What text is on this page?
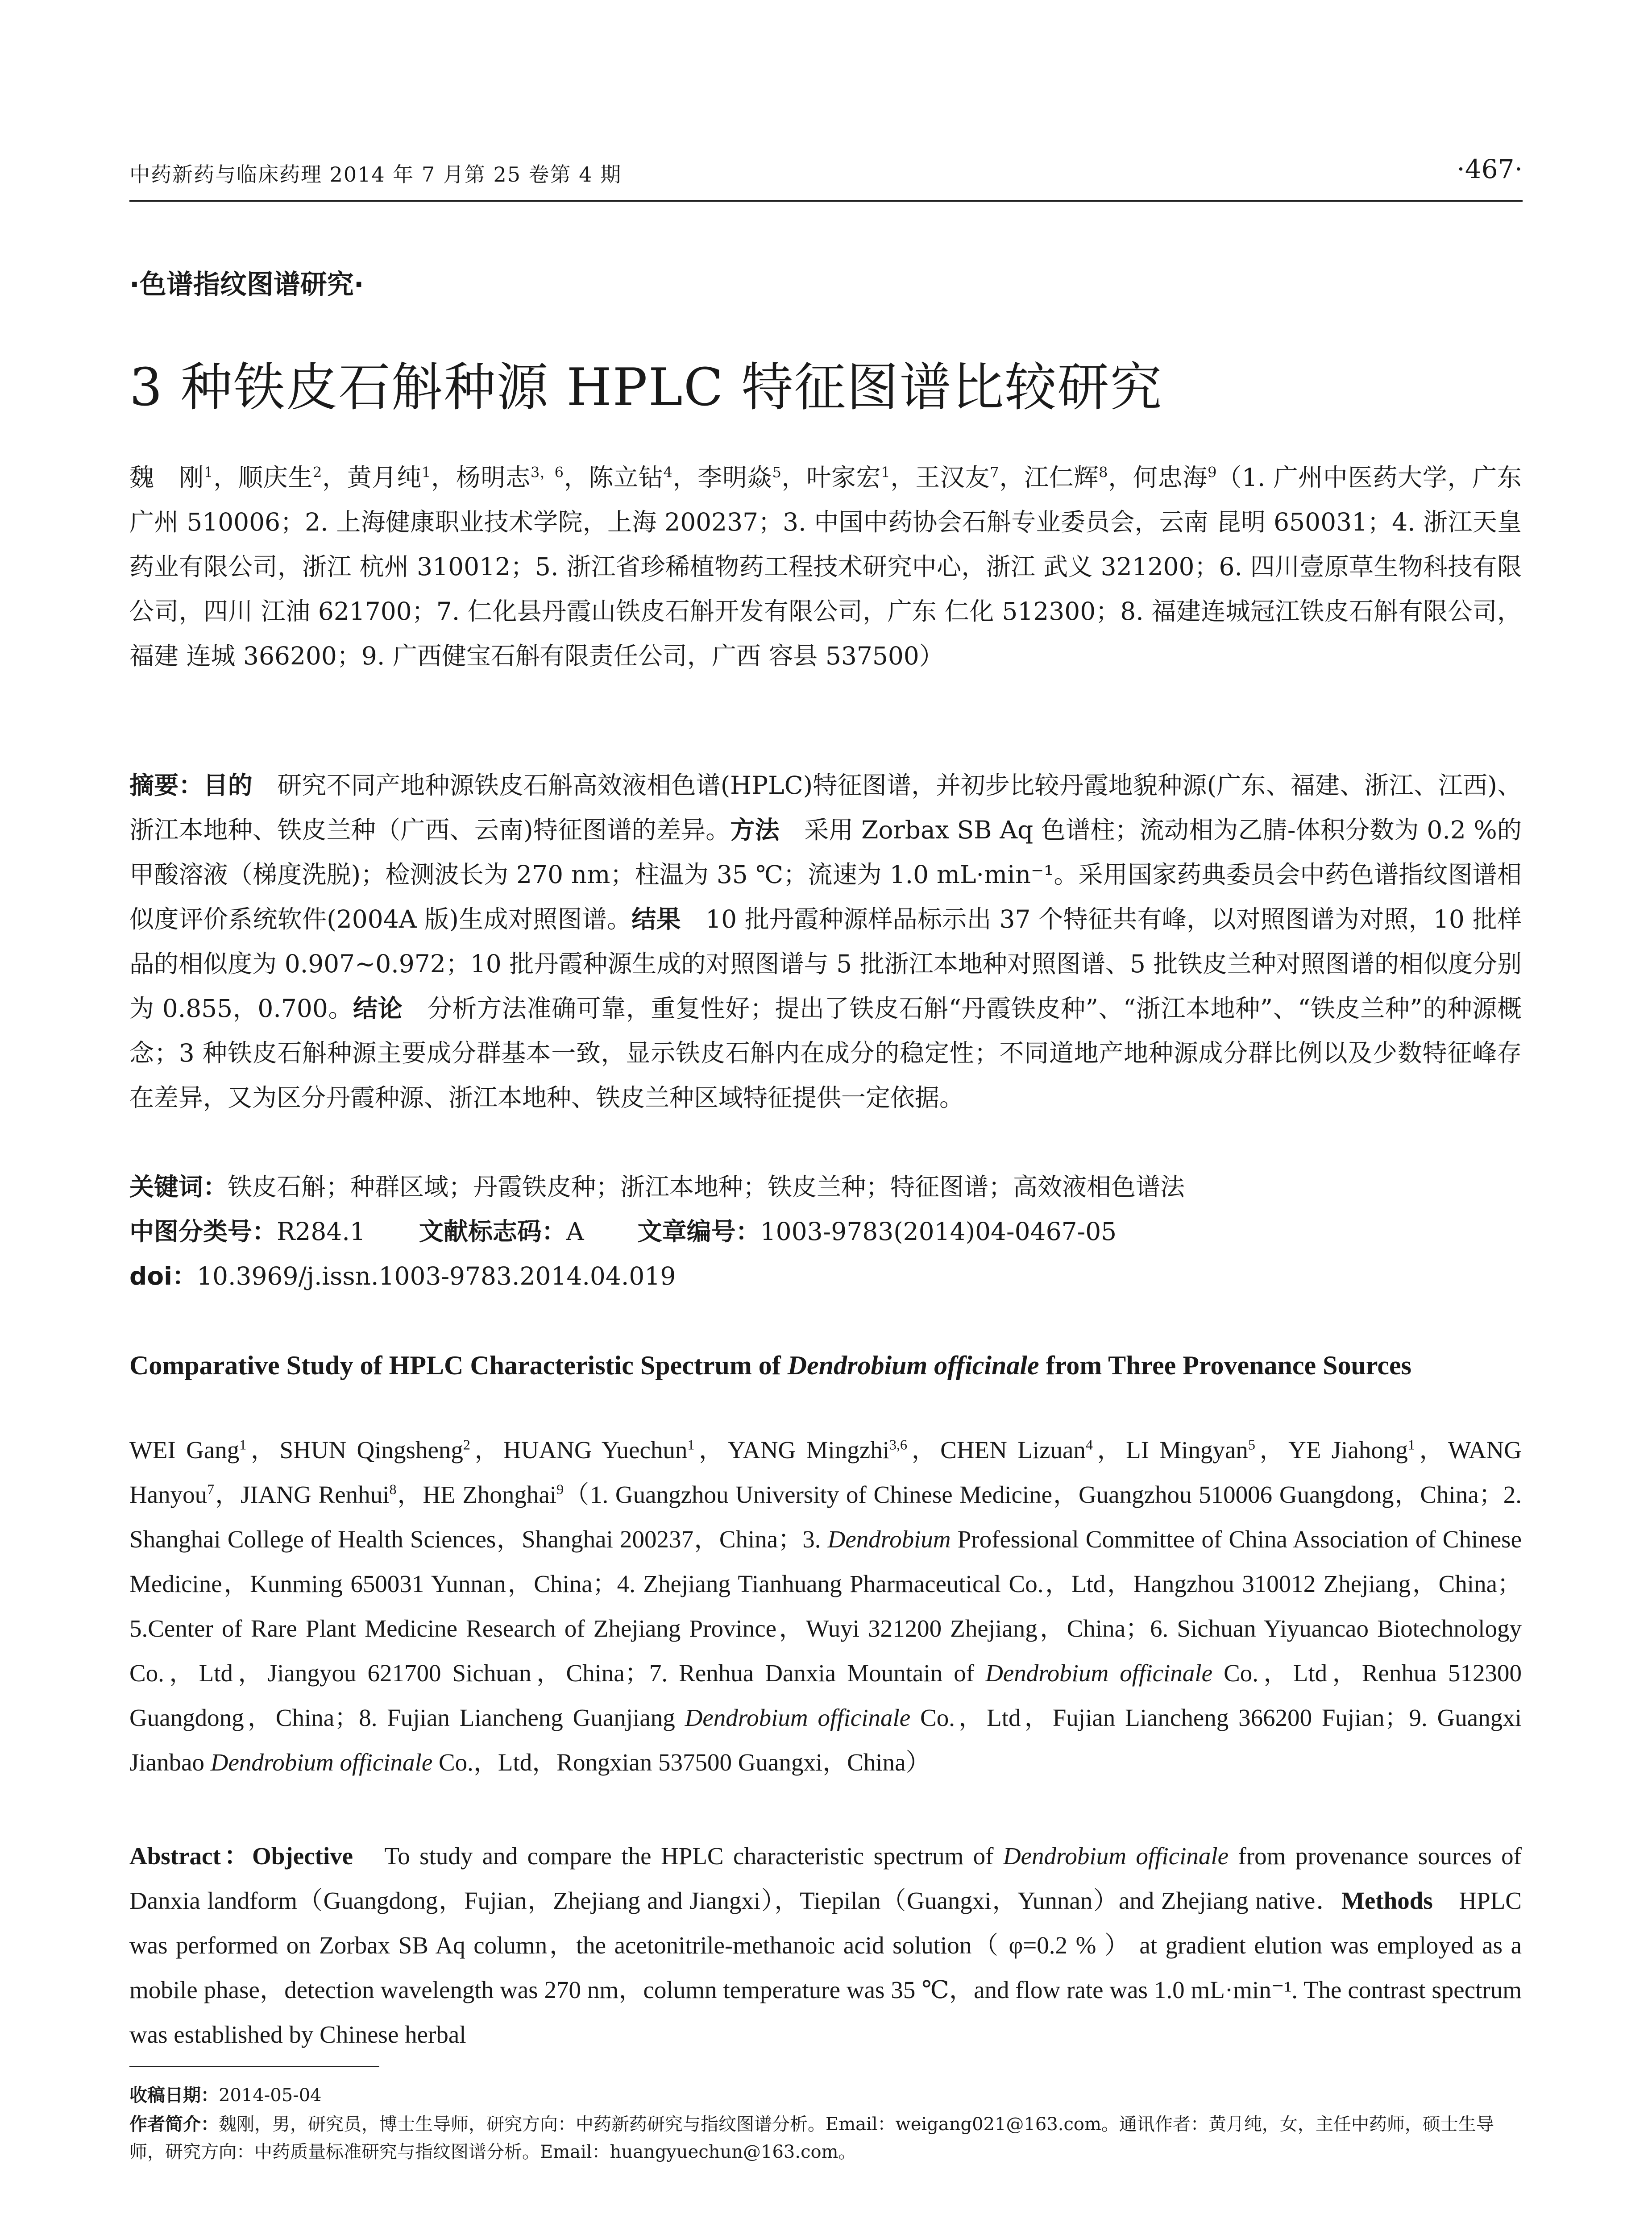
中药新药与临床药理 2014 年 7 月第 25 卷第 4 期	·467·
·色谱指纹图谱研究·
3 种铁皮石斛种源 HPLC 特征图谱比较研究
魏　刚$^1$，顺庆生$^2$，黄月纯$^1$，杨明志$^{3,6}$，陈立钻$^4$，李明焱$^5$，叶家宏$^1$，王汉友$^7$，江仁辉$^8$，何忠海$^9$（1. 广州中医药大学，广东 广州 510006；2. 上海健康职业技术学院，上海 200237；3. 中国中药协会石斛专业委员会，云南 昆明 650031；4. 浙江天皇药业有限公司，浙江 杭州 310012；5. 浙江省珍稀植物药工程技术研究中心，浙江 武义 321200；6. 四川壹原草生物科技有限公司，四川 江油 621700；7. 仁化县丹霞山铁皮石斛开发有限公司，广东 仁化 512300；8. 福建连城冠江铁皮石斛有限公司，福建 连城 366200；9. 广西健宝石斛有限责任公司，广西 容县 537500）
摘要：目的　研究不同产地种源铁皮石斛高效液相色谱(HPLC)特征图谱，并初步比较丹霞地貌种源(广东、福建、浙江、江西)、浙江本地种、铁皮兰种（广西、云南)特征图谱的差异。方法　采用 Zorbax SB Aq 色谱柱；流动相为乙腈-体积分数为 0.2 %的甲酸溶液（梯度洗脱)；检测波长为 270 nm；柱温为 35 ℃；流速为 1.0 mL·min⁻¹。采用国家药典委员会中药色谱指纹图谱相似度评价系统软件(2004A 版)生成对照图谱。结果　10 批丹霞种源样品标示出 37 个特征共有峰，以对照图谱为对照，10 批样品的相似度为 0.907~0.972；10 批丹霞种源生成的对照图谱与 5 批浙江本地种对照图谱、5 批铁皮兰种对照图谱的相似度分别为 0.855，0.700。结论　分析方法准确可靠，重复性好；提出了铁皮石斛“丹霞铁皮种”、“浙江本地种”、“铁皮兰种”的种源概念；3 种铁皮石斛种源主要成分群基本一致，显示铁皮石斛内在成分的稳定性；不同道地产地种源成分群比例以及少数特征峰存在差异，又为区分丹霞种源、浙江本地种、铁皮兰种区域特征提供一定依据。
关键词：铁皮石斛；种群区域；丹霞铁皮种；浙江本地种；铁皮兰种；特征图谱；高效液相色谱法
中图分类号：R284.1 文献标志码：A 文章编号：1003-9783(2014)04-0467-05
doi：10.3969/j.issn.1003-9783.2014.04.019
Comparative Study of HPLC Characteristic Spectrum of Dendrobium officinale from Three Provenance Sources
WEI Gang$^1$，SHUN Qingsheng$^2$，HUANG Yuechun$^1$，YANG Mingzhi$^{3,6}$，CHEN Lizuan$^4$，LI Mingyan$^5$，YE Jiahong$^1$，WANG Hanyou$^7$，JIANG Renhui$^8$，HE Zhonghai$^9$（1. Guangzhou University of Chinese Medicine，Guangzhou 510006 Guangdong，China；2. Shanghai College of Health Sciences，Shanghai 200237，China；3. Dendrobium Professional Committee of China Association of Chinese Medicine，Kunming 650031 Yunnan，China；4. Zhejiang Tianhuang Pharmaceutical Co.，Ltd，Hangzhou 310012 Zhejiang，China；5.Center of Rare Plant Medicine Research of Zhejiang Province，Wuyi 321200 Zhejiang，China；6. Sichuan Yiyuancao Biotechnology Co.，Ltd，Jiangyou 621700 Sichuan，China；7. Renhua Danxia Mountain of Dendrobium officinale Co.，Ltd，Renhua 512300 Guangdong，China；8. Fujian Liancheng Guanjiang Dendrobium officinale Co.，Ltd，Fujian Liancheng 366200 Fujian；9. Guangxi Jianbao Dendrobium officinale Co.，Ltd，Rongxian 537500 Guangxi，China）
Abstract：Objective　To study and compare the HPLC characteristic spectrum of Dendrobium officinale from provenance sources of Danxia landform（Guangdong，Fujian，Zhejiang and Jiangxi），Tiepilan（Guangxi，Yunnan）and Zhejiang native．Methods　HPLC was performed on Zorbax SB Aq column，the acetonitrile-methanoic acid solution（ φ=0.2 % ） at gradient elution was employed as a mobile phase，detection wavelength was 270 nm，column temperature was 35 ℃，and flow rate was 1.0 mL·min⁻¹. The contrast spectrum was established by Chinese herbal
收稿日期：2014-05-04
作者简介：魏刚，男，研究员，博士生导师，研究方向：中药新药研究与指纹图谱分析。Email：weigang021@163.com。通讯作者：黄月纯，女，主任中药师，硕士生导师，研究方向：中药质量标准研究与指纹图谱分析。Email：huangyuechun@163.com。
